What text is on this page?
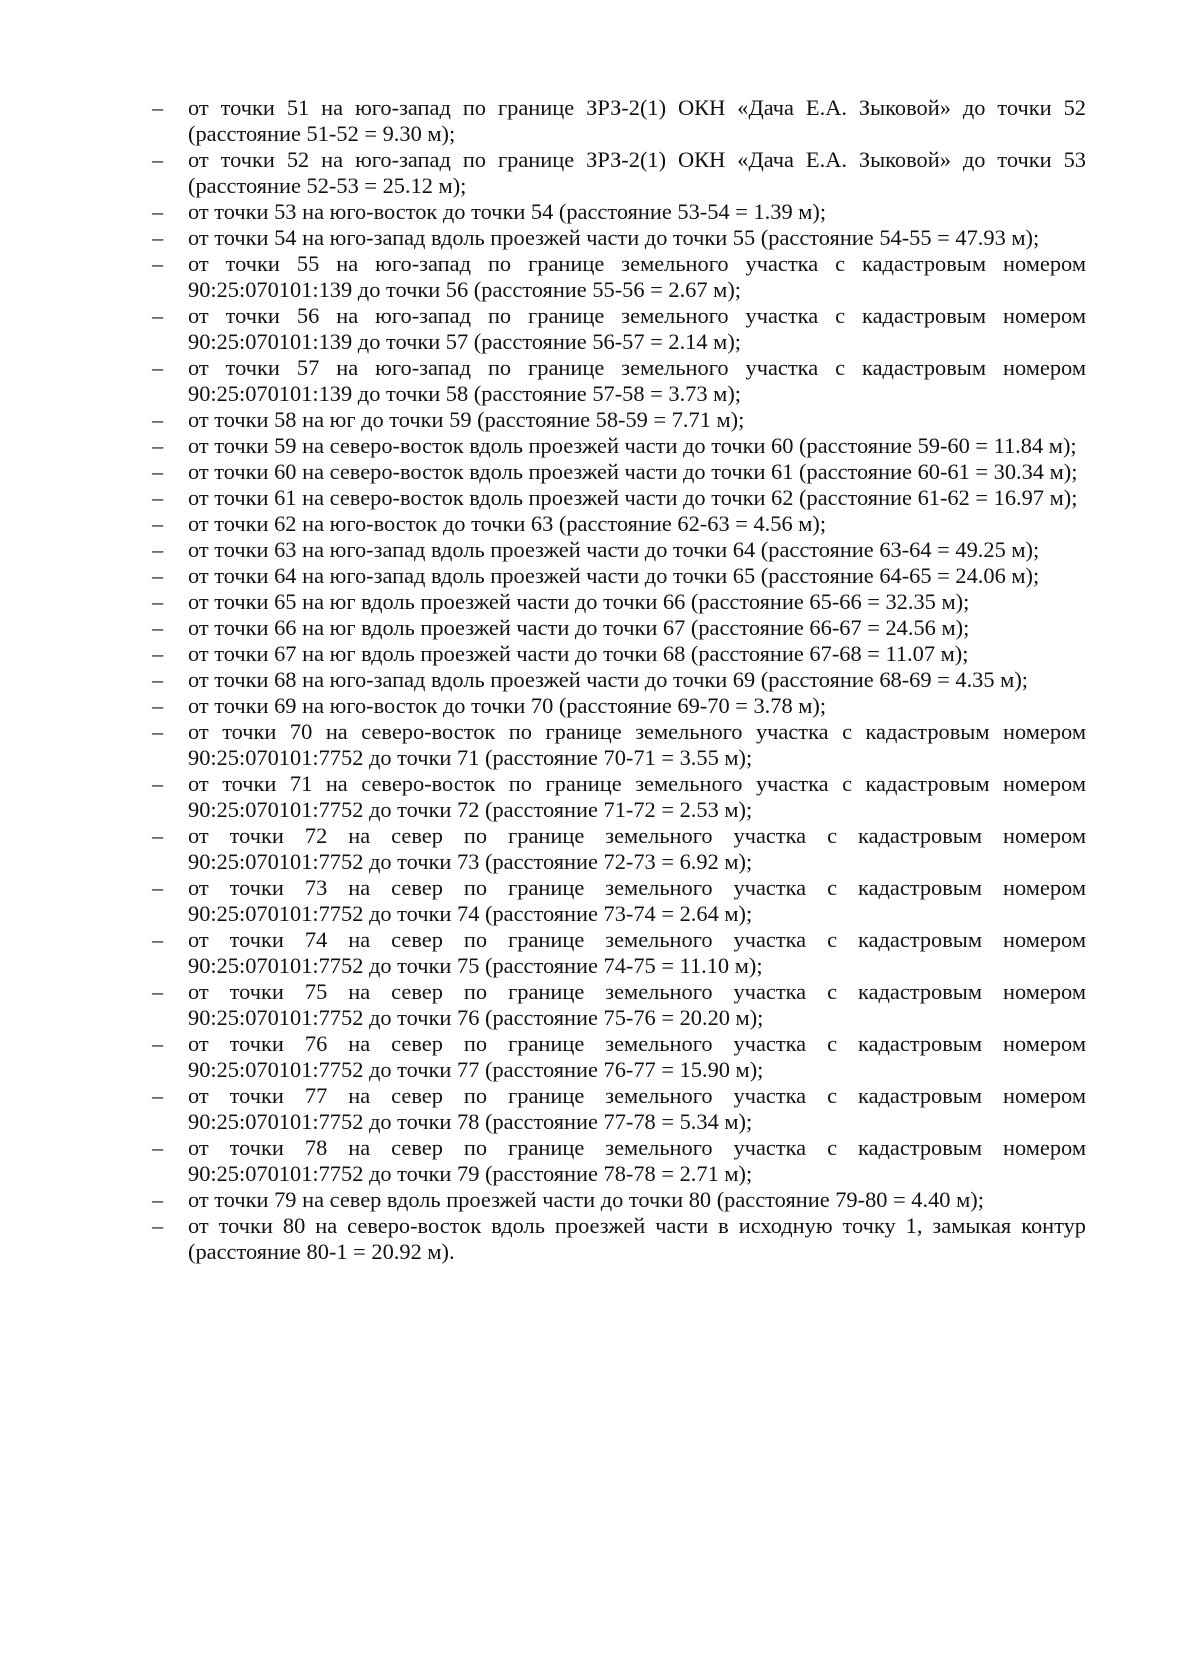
–	от точки 51 на юго-запад по границе ЗРЗ-2(1) ОКН «Дача Е.А. Зыковой» до точки 52 (расстояние 51-52 = 9.30 м);
–	от точки 52 на юго-запад по границе ЗРЗ-2(1) ОКН «Дача Е.А. Зыковой» до точки 53 (расстояние 52-53 = 25.12 м);
–	от точки 53 на юго-восток до точки 54 (расстояние 53-54 = 1.39 м);
–	от точки 54 на юго-запад вдоль проезжей части до точки 55 (расстояние 54-55 = 47.93 м);
–	от точки 55 на юго-запад по границе земельного участка с кадастровым номером 90:25:070101:139 до точки 56 (расстояние 55-56 = 2.67 м);
–	от точки 56 на юго-запад по границе земельного участка с кадастровым номером 90:25:070101:139 до точки 57 (расстояние 56-57 = 2.14 м);
–	от точки 57 на юго-запад по границе земельного участка с кадастровым номером 90:25:070101:139 до точки 58 (расстояние 57-58 = 3.73 м);
–	от точки 58 на юг до точки 59 (расстояние 58-59 = 7.71 м);
–	от точки 59 на северо-восток вдоль проезжей части до точки 60 (расстояние 59-60 = 11.84 м);
–	от точки 60 на северо-восток вдоль проезжей части до точки 61 (расстояние 60-61 = 30.34 м);
–	от точки 61 на северо-восток вдоль проезжей части до точки 62 (расстояние 61-62 = 16.97 м);
–	от точки 62 на юго-восток до точки 63 (расстояние 62-63 = 4.56 м);
–	от точки 63 на юго-запад вдоль проезжей части до точки 64 (расстояние 63-64 = 49.25 м);
–	от точки 64 на юго-запад вдоль проезжей части до точки 65 (расстояние 64-65 = 24.06 м);
–	от точки 65 на юг вдоль проезжей части до точки 66 (расстояние 65-66 = 32.35 м);
–	от точки 66 на юг вдоль проезжей части до точки 67 (расстояние 66-67 = 24.56 м);
–	от точки 67 на юг вдоль проезжей части до точки 68 (расстояние 67-68 = 11.07 м);
–	от точки 68 на юго-запад вдоль проезжей части до точки 69 (расстояние 68-69 = 4.35 м);
–	от точки 69 на юго-восток до точки 70 (расстояние 69-70 = 3.78 м);
–	от точки 70 на северо-восток по границе земельного участка с кадастровым номером 90:25:070101:7752 до точки 71 (расстояние 70-71 = 3.55 м);
–	от точки 71 на северо-восток по границе земельного участка с кадастровым номером 90:25:070101:7752 до точки 72 (расстояние 71-72 = 2.53 м);
–	от точки 72 на север по границе земельного участка с кадастровым номером 90:25:070101:7752 до точки 73 (расстояние 72-73 = 6.92 м);
–	от точки 73 на север по границе земельного участка с кадастровым номером 90:25:070101:7752 до точки 74 (расстояние 73-74 = 2.64 м);
–	от точки 74 на север по границе земельного участка с кадастровым номером 90:25:070101:7752 до точки 75 (расстояние 74-75 = 11.10 м);
–	от точки 75 на север по границе земельного участка с кадастровым номером 90:25:070101:7752 до точки 76 (расстояние 75-76 = 20.20 м);
–	от точки 76 на север по границе земельного участка с кадастровым номером 90:25:070101:7752 до точки 77 (расстояние 76-77 = 15.90 м);
–	от точки 77 на север по границе земельного участка с кадастровым номером 90:25:070101:7752 до точки 78 (расстояние 77-78 = 5.34 м);
–	от точки 78 на север по границе земельного участка с кадастровым номером 90:25:070101:7752 до точки 79 (расстояние 78-78 = 2.71 м);
–	от точки 79 на север вдоль проезжей части до точки 80 (расстояние 79-80 = 4.40 м);
–	от точки 80 на северо-восток вдоль проезжей части в исходную точку 1, замыкая контур (расстояние 80-1 = 20.92 м).
